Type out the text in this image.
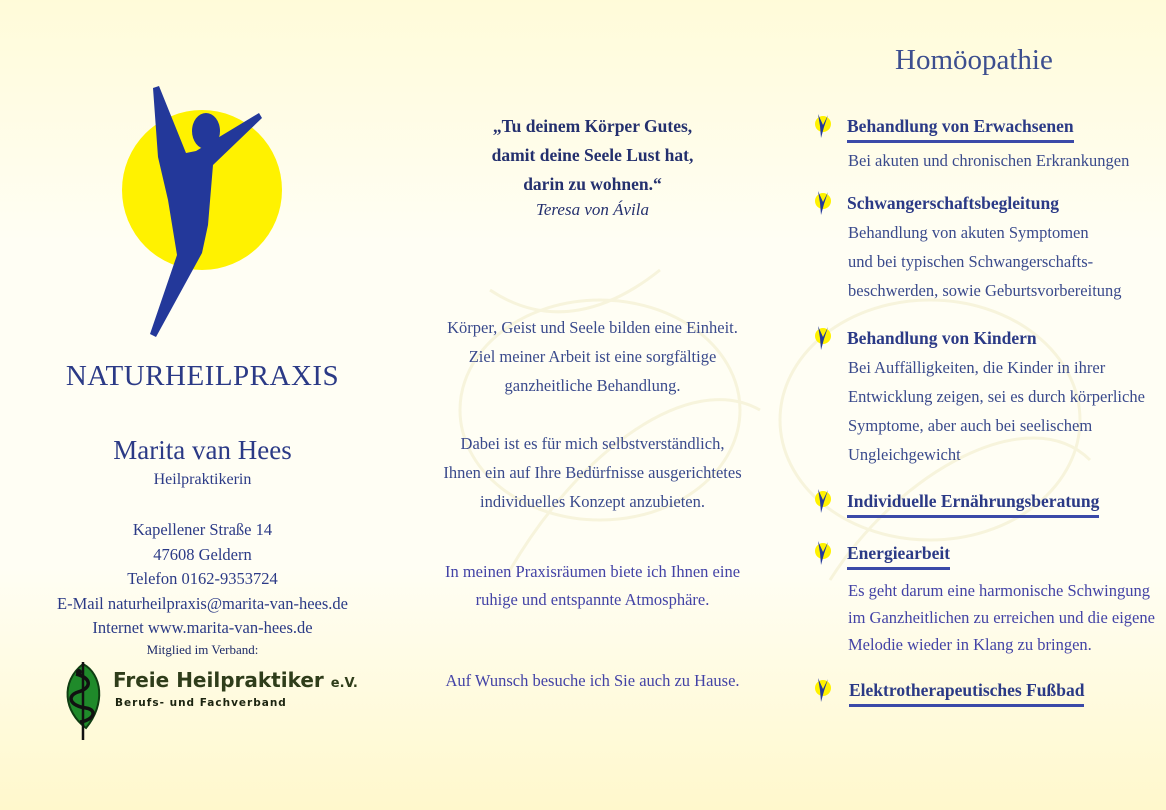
NATURHEILPRAXIS
Marita van Hees
Heilpraktikerin
Kapellener Straße 14
47608 Geldern
Telefon 0162-9353724
E-Mail naturheilpraxis@marita-van-hees.de
Internet www.marita-van-hees.de
Mitglied im Verband:
Freie Heilpraktiker e.V.
Berufs- und Fachverband
„Tu deinem Körper Gutes,
damit deine Seele Lust hat,
darin zu wohnen.“
Teresa von Ávila
Körper, Geist und Seele bilden eine Einheit.
Ziel meiner Arbeit ist eine sorgfältige
ganzheitliche Behandlung.
Dabei ist es für mich selbstverständlich,
Ihnen ein auf Ihre Bedürfnisse ausgerichtetes
individuelles Konzept anzubieten.
In meinen Praxisräumen biete ich Ihnen eine
ruhige und entspannte Atmosphäre.
Auf Wunsch besuche ich Sie auch zu Hause.
Homöopathie
Behandlung von Erwachsenen
Bei akuten und chronischen Erkrankungen
Schwangerschaftsbegleitung
Behandlung von akuten Symptomen
und bei typischen Schwangerschafts-
beschwerden, sowie Geburtsvorbereitung
Behandlung von Kindern
Bei Auffälligkeiten, die Kinder in ihrer
Entwicklung zeigen, sei es durch körperliche
Symptome, aber auch bei seelischem
Ungleichgewicht
Individuelle Ernährungsberatung
Energiearbeit
Es geht darum eine harmonische Schwingung
im Ganzheitlichen zu erreichen und die eigene
Melodie wieder in Klang zu bringen.
Elektrotherapeutisches Fußbad
